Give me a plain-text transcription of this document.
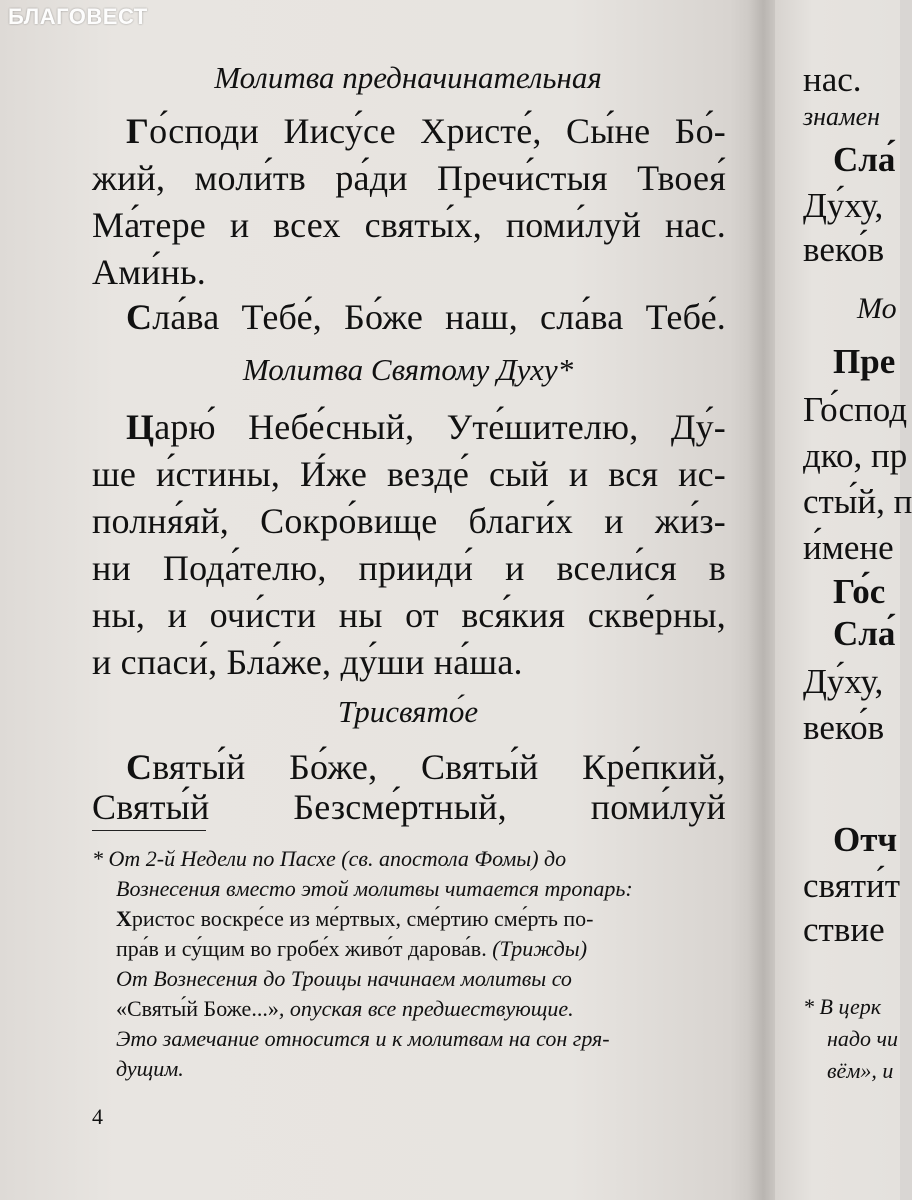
Молитва предначинательная
Го́споди Иису́се Христе́, Сы́не Бо́-
жий, моли́тв ра́ди Пречи́стыя Твоея́
Ма́тере и всех святы́х, поми́луй нас.
Ами́нь.
Сла́ва Тебе́, Бо́же наш, сла́ва Тебе́.
Молитва Святому Духу*
Царю́ Небе́сный, Уте́шителю, Ду́-
ше и́стины, И́же везде́ сый и вся ис-
полня́яй, Сокро́вище благи́х и жи́з-
ни Пода́телю, прииди́ и всели́ся в
ны, и очи́сти ны от вся́кия скве́рны,
и спаси́, Бла́же, ду́ши на́ша.
Трисвято́е
Святы́й Бо́же, Святы́й Кре́пкий,
Святы́й Безсме́ртный, поми́луй
* От 2-й Недели по Пасхе (св. апостола Фомы) до
Вознесения вместо этой молитвы читается тропарь:
Христос воскре́се из ме́ртвых, сме́ртию сме́рть по-
пра́в и су́щим во гробе́х живо́т дарова́в. (Трижды)
От Вознесения до Троицы начинаем молитвы со
«Святы́й Боже...», опуская все предшествующие.
Это замечание относится и к молитвам на сон гря-
дущим.
4
нас.
знамен
Сла́
Ду́ху,
веко́в
Мо
Пре
Го́спод
дко, пр
сты́й, п
и́мене
Го́с
Сла́
Ду́ху,
веко́в
Отч
святи́т
ствие
* В церк
надо чи
вём», и
БЛАГОВЕСТ
